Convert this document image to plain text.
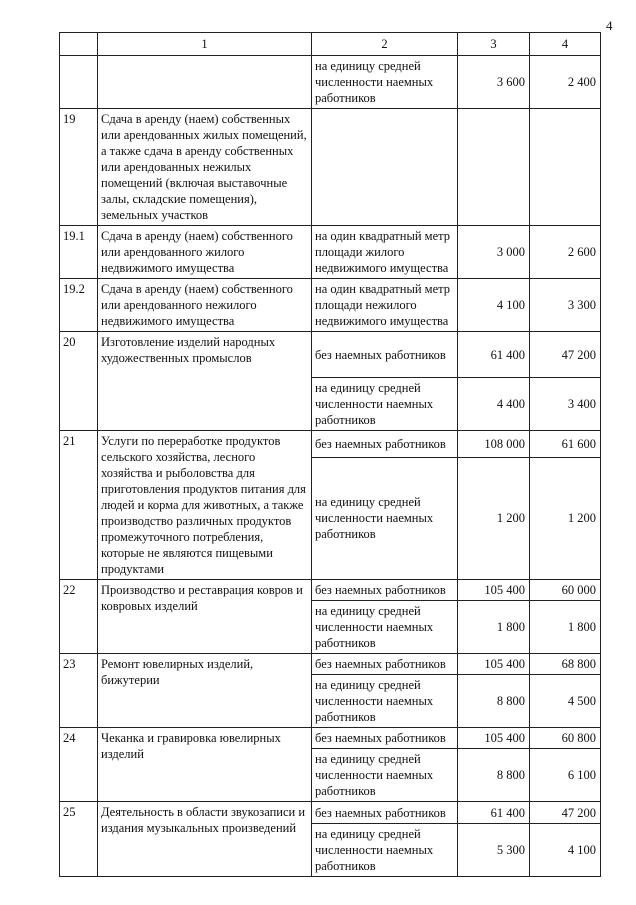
4
	1	2	3	4
		на единицу средней численности наемных работников	3 600	2 400
19	Сдача в аренду (наем) собственных или арендованных жилых помещений, а также сдача в аренду собственных или арендованных нежилых помещений (включая выставочные залы, складские помещения), земельных участков			
19.1	Сдача в аренду (наем) собственного или арендованного жилого недвижимого имущества	на один квадратный метр площади жилого недвижимого имущества	3 000	2 600
19.2	Сдача в аренду (наем) собственного или арендованного нежилого недвижимого имущества	на один квадратный метр площади нежилого недвижимого имущества	4 100	3 300
20	Изготовление изделий народных художественных промыслов	без наемных работников	61 400	47 200
		на единицу средней численности наемных работников	4 400	3 400
21	Услуги по переработке продуктов сельского хозяйства, лесного хозяйства и рыболовства для приготовления продуктов питания для людей и корма для животных, а также производство различных продуктов промежуточного потребления, которые не являются пищевыми продуктами	без наемных работников	108 000	61 600
		на единицу средней численности наемных работников	1 200	1 200
22	Производство и реставрация ковров и ковровых изделий	без наемных работников	105 400	60 000
		на единицу средней численности наемных работников	1 800	1 800
23	Ремонт ювелирных изделий, бижутерии	без наемных работников	105 400	68 800
		на единицу средней численности наемных работников	8 800	4 500
24	Чеканка и гравировка ювелирных изделий	без наемных работников	105 400	60 800
		на единицу средней численности наемных работников	8 800	6 100
25	Деятельность в области звукозаписи и издания музыкальных произведений	без наемных работников	61 400	47 200
		на единицу средней численности наемных работников	5 300	4 100
